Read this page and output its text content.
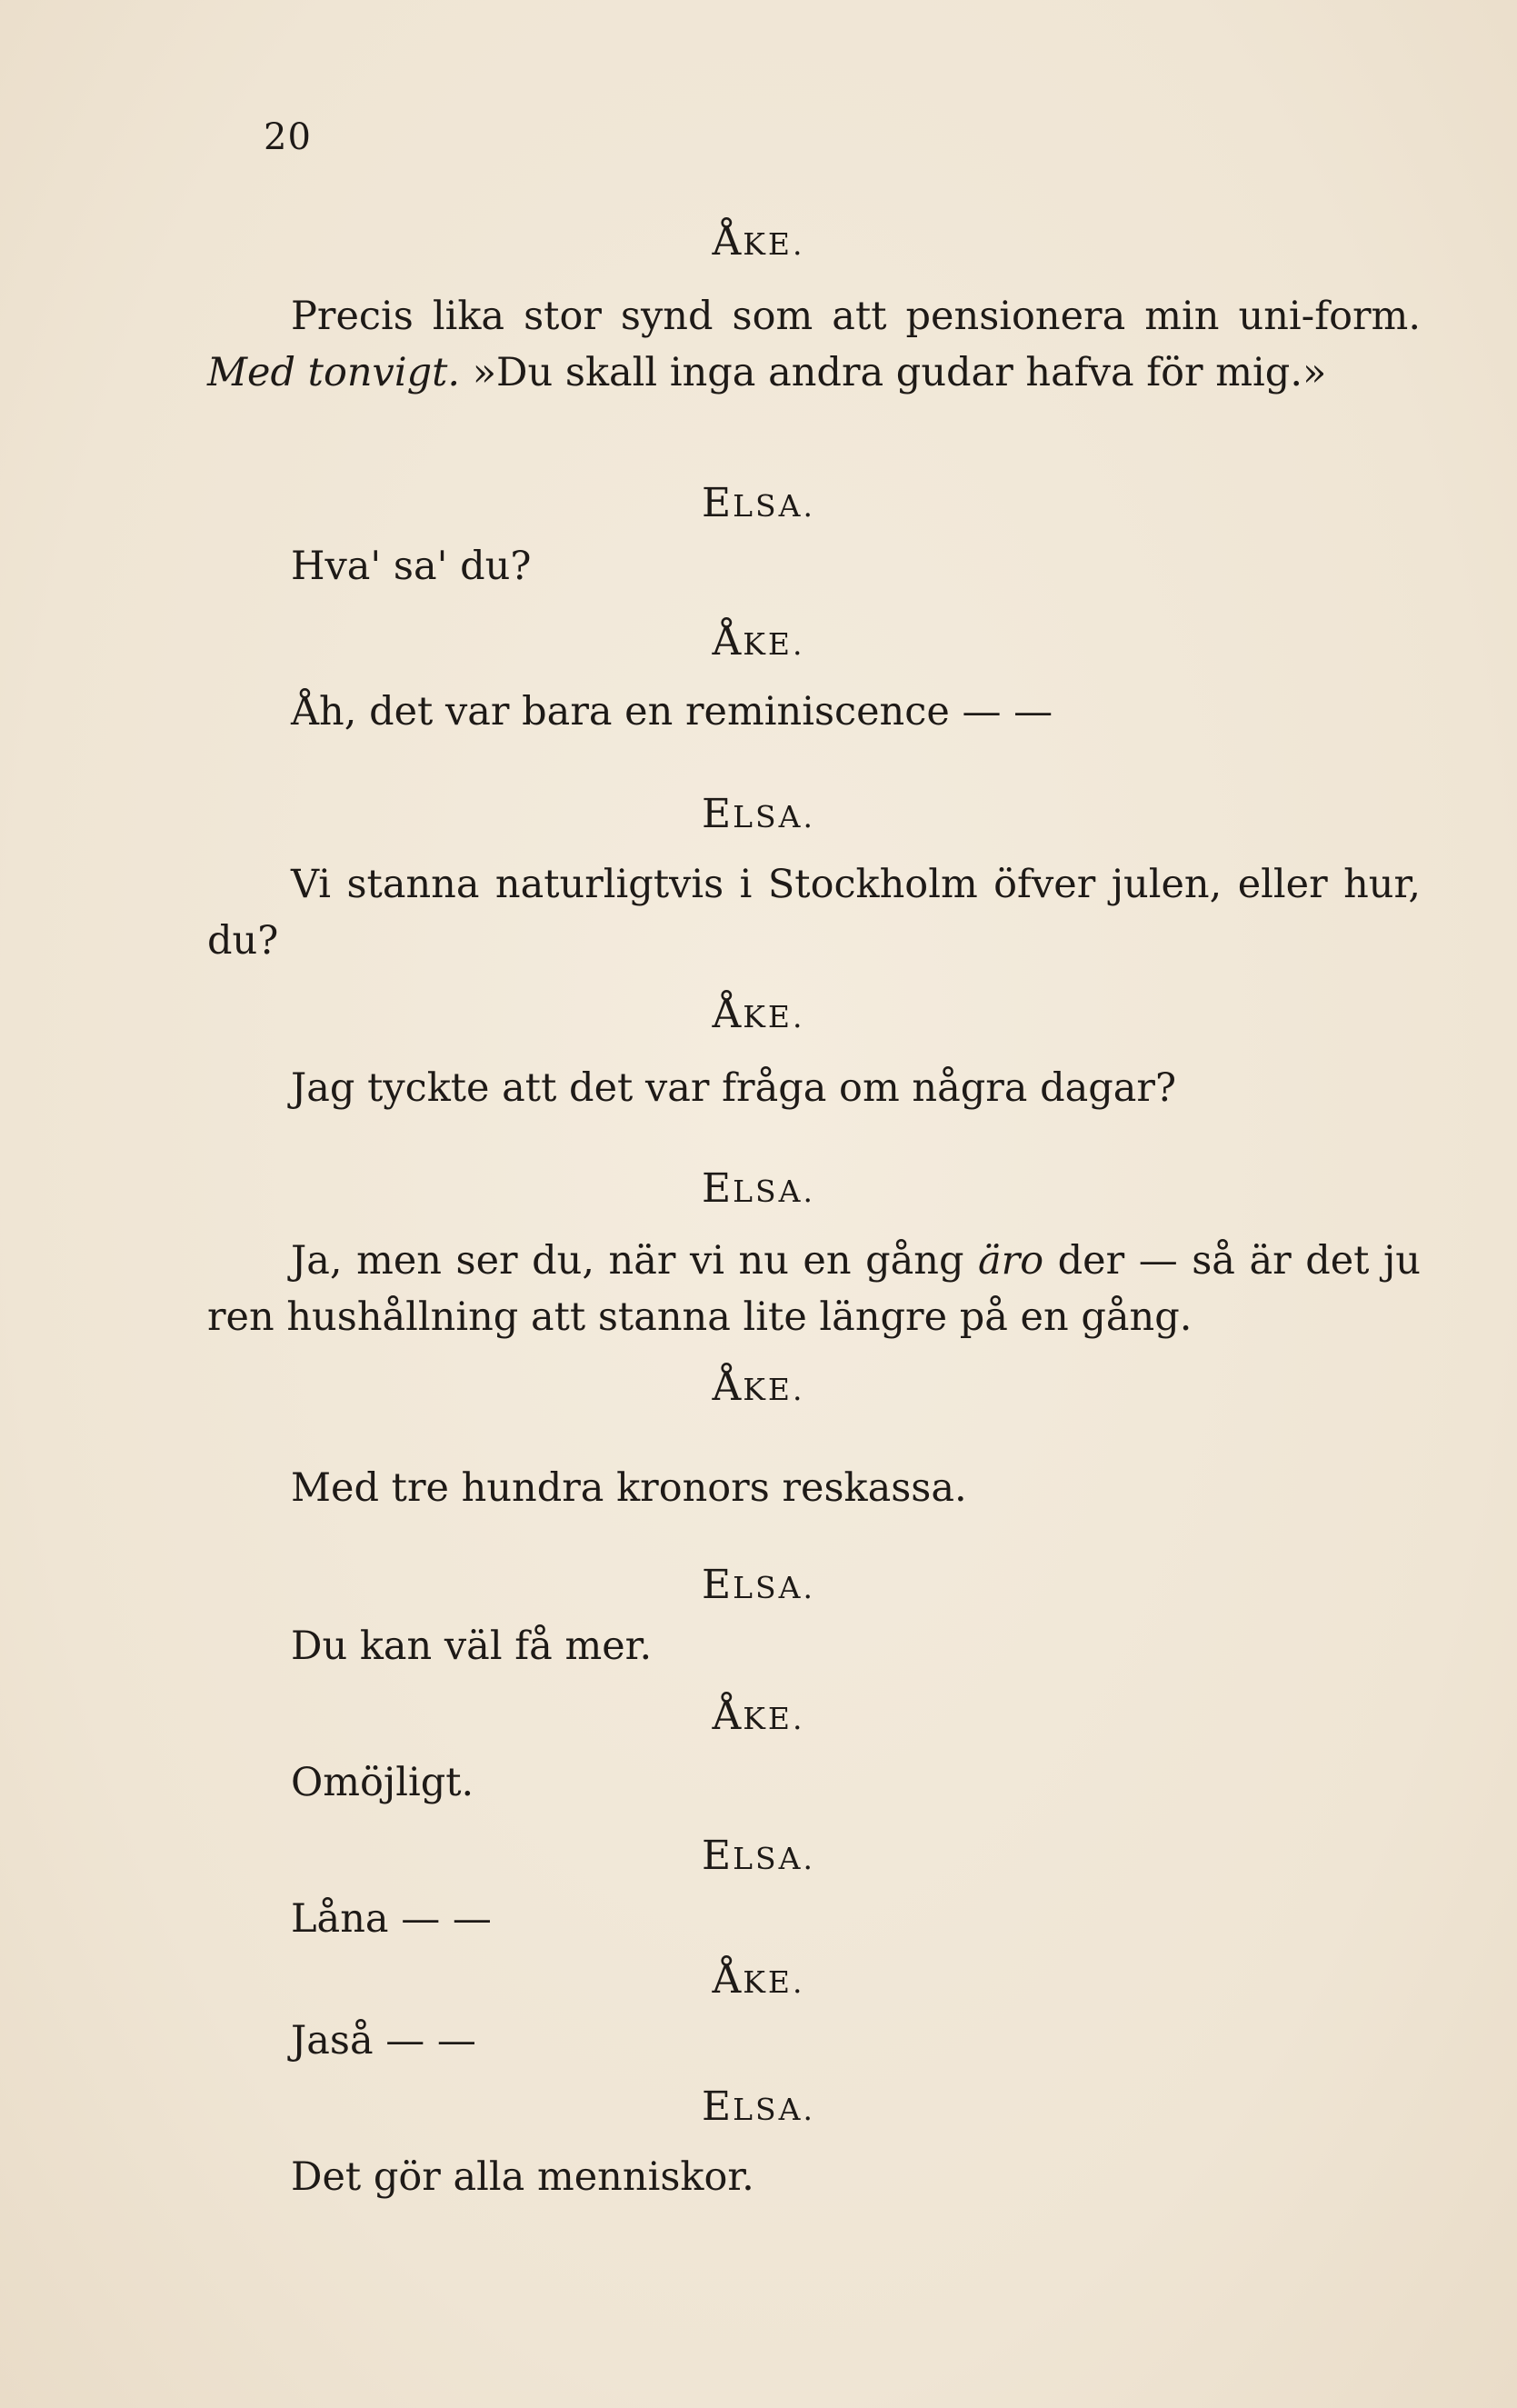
20
ÅKE.

Precis lika stor synd som att pensionera min uni-form. Med tonvigt. »Du skall inga andra gudar hafva för mig.»

ELSA.

Hva' sa' du?

ÅKE.

Åh, det var bara en reminiscence — —

ELSA.

Vi stanna naturligtvis i Stockholm öfver julen, eller hur, du?

ÅKE.

Jag tyckte att det var fråga om några dagar?

ELSA.

Ja, men ser du, när vi nu en gång äro der — så är det ju ren hushållning att stanna lite längre på en gång.

ÅKE.

Med tre hundra kronors reskassa.

ELSA.

Du kan väl få mer.

ÅKE.

Omöjligt.

ELSA.

Låna — —

ÅKE.

Jaså — —

ELSA.

Det gör alla menniskor.
